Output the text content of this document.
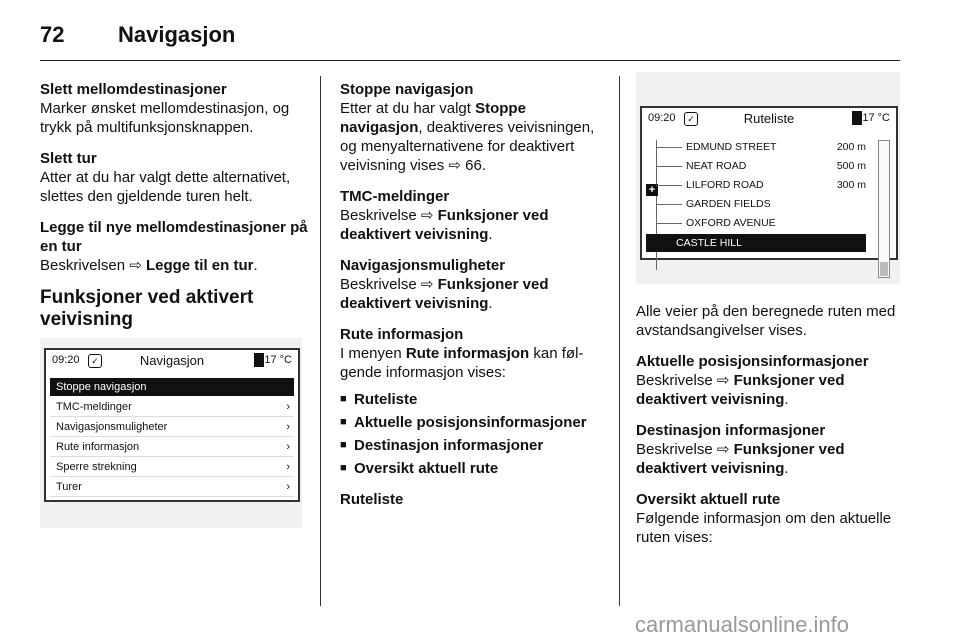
72 Navigasjon

Slett mellomdestinasjoner
Marker ønsket mellomdestinasjon, og trykk på multifunksjonsknappen.

Slett tur
Atter at du har valgt dette alternativet, slettes den gjeldende turen helt.

Legge til nye mellomdestinasjoner på en tur
Beskrivelsen ⇨ Legge til en tur.

Funksjoner ved aktivert veivisning
09:20	✓	Navigasjon	17 °C
Stoppe navigasjon
TMC-meldinger	›
Navigasjonsmuligheter	›
Rute informasjon	›
Sperre strekning	›
Turer	›

Stoppe navigasjon
Etter at du har valgt Stoppe navigasjon, deaktiveres veivisningen, og menyalternativene for deaktivert veivisning vises ⇨ 66.

TMC-meldinger
Beskrivelse ⇨ Funksjoner ved deaktivert veivisning.

Navigasjonsmuligheter
Beskrivelse ⇨ Funksjoner ved deaktivert veivisning.

Rute informasjon
I menyen Rute informasjon kan følgende informasjon vises:

■ Ruteliste
■ Aktuelle posisjonsinformasjoner
■ Destinasjon informasjoner
■ Oversikt aktuell rute
Ruteliste
09:20	✓	Ruteliste	17 °C
+
EDMUND STREET	200 m
NEAT ROAD	500 m
LILFORD ROAD	300 m
GARDEN FIELDS
OXFORD AVENUE
CASTLE HILL

Alle veier på den beregnede ruten med avstandsangivelser vises.

Aktuelle posisjonsinformasjoner
Beskrivelse ⇨ Funksjoner ved deaktivert veivisning.

Destinasjon informasjoner
Beskrivelse ⇨ Funksjoner ved deaktivert veivisning.

Oversikt aktuell rute
Følgende informasjon om den aktuelle ruten vises:

carmanualsonline.info
